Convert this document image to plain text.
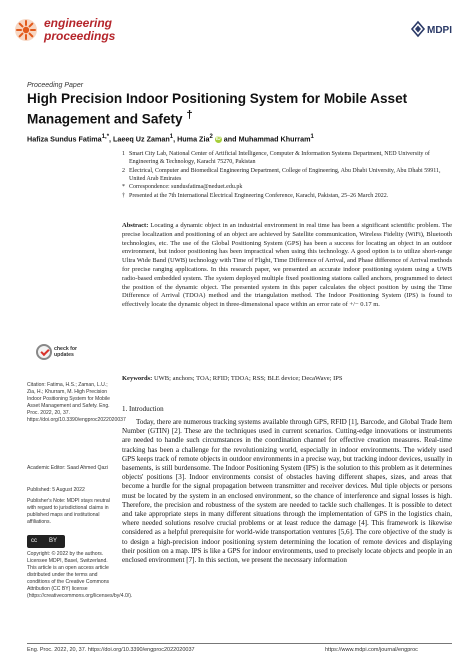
engineering
proceedings	MDPI
Proceeding Paper
High Precision Indoor Positioning System for Mobile Asset Management and Safety †
Hafiza Sundus Fatima$^{1,*}$, Laeeq Uz Zaman$^1$, Huma Zia$^2$ iD and Muhammad Khurram$^1$
1 Smart City Lab, National Center of Artificial Intelligence, Computer & Information Systems Department, NED University of Engineering & Technology, Karachi 75270, Pakistan
2 Electrical, Computer and Biomedical Engineering Department, College of Engineering, Abu Dhabi University, Abu Dhabi 59911, United Arab Emirates
* Correspondence: sundusfatima@neduet.edu.pk
† Presented at the 7th International Electrical Engineering Conference, Karachi, Pakistan, 25–26 March 2022.
Abstract: Locating a dynamic object in an industrial environment in real time has been a significant scientific problem. The precise localization and positioning of an object are achieved by Satellite communication, Wireless Fidelity (WiFi), Bluetooth technologies, etc. The use of the Global Positioning System (GPS) has been a success for locating an object in an outdoor environment, but indoor positioning has been impractical when using this technology. A good option is to utilize short-range Ultra Wide Band (UWB) technology with Time of Flight, Time Difference of Arrival, and Phase difference of Arrival methods for precise ranging applications. In this research paper, we presented an accurate indoor positioning system using a UWB radio-based embedded system. The system deployed multiple fixed positioning stations called anchors, programmed to detect the position of the dynamic object. The presented system in this paper calculates the object position by using the Time Difference of Arrival (TDOA) method and the triangulation method. The Indoor Positioning System (IPS) is found to effectively locate the dynamic object in three-dimensional space within an error rate of +/− 0.17 m.
Keywords: UWB; anchors; TOA; RFID; TDOA; RSS; BLE device; DecaWave; IPS
1. Introduction
Today, there are numerous tracking systems available through GPS, RFID [1], Barcode, and Global Trade Item Number (GTIN) [2]. These are the techniques used in current scenarios. Cutting-edge innovations or instruments are needed to handle such circumstances in the coordination channel for effective creation measures. Real-time tracking has been a challenge for the revolutionizing world, especially in indoor environments. The widely used GPS keeps track of remote objects in outdoor environments in a precise way, but tracking indoor devices, usually in basements, is still burdensome. The Indoor Positioning System (IPS) is the solution to this problem as it determines objects' positions [3]. Indoor environments consist of obstacles having different shapes, sizes, and areas that become a hurdle for the signal propagation between transmitter and receiver devices. Mul tiple objects or persons must be located by the system in an enclosed environment, so the chance of interference and signal losses is high. Therefore, the precision and robustness of the system are needed to tackle such challenges. It is possible to detect and take appropriate steps in many different situations through the implementation of GPS in the logistics chain, where needed solutions resolve crucial problems or at least reduce the damage [4]. This framework is likewise considered as a helpful prerequisite for world-wide transportation ventures [5,6]. The core objective of the study is to design a high-precision indoor positioning system determining the location of remote devices and displaying their position on a map. IPS is like a GPS for indoor environments, used to precisely locate objects and people in an enclosed environment [7]. In this section, we present the necessary information
check for
updates
Citation: Fatima, H.S.; Zaman, L.U.; Zia, H.; Khurram, M. High Precision Indoor Positioning System for Mobile Asset Management and Safety. Eng. Proc. 2022, 20, 37. https://doi.org/10.3390/engproc2022020037
Academic Editor: Saad Ahmed Qazi
Published: 5 August 2022
Publisher's Note: MDPI stays neutral with regard to jurisdictional claims in published maps and institutional affiliations.
cc BY
Copyright: © 2022 by the authors. Licensee MDPI, Basel, Switzerland. This article is an open access article distributed under the terms and conditions of the Creative Commons Attribution (CC BY) license (https://creativecommons.org/licenses/by/4.0/).
Eng. Proc. 2022, 20, 37. https://doi.org/10.3390/engproc2022020037	https://www.mdpi.com/journal/engproc
